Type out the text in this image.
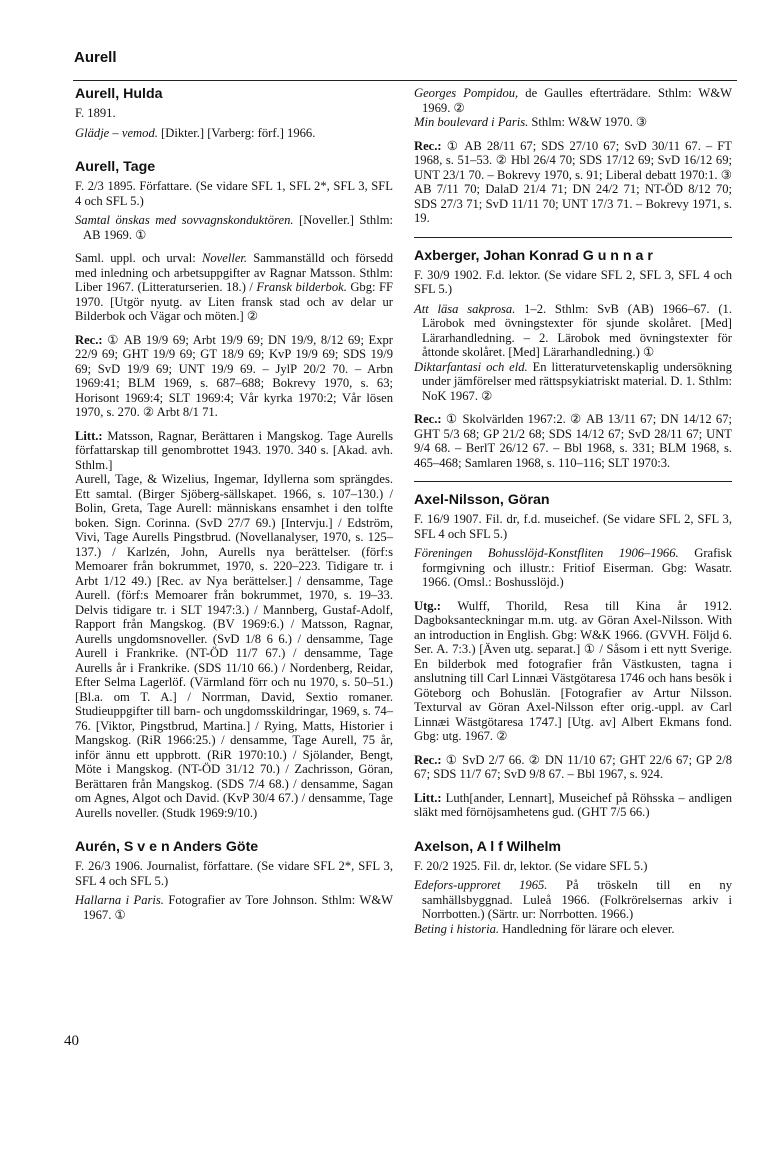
Aurell
Aurell, Hulda

F. 1891.

Glädje – vemod. [Dikter.] [Varberg: förf.] 1966.

Aurell, Tage

F. 2/3 1895. Författare. (Se vidare SFL 1, SFL 2*, SFL 3, SFL 4 och SFL 5.)

Samtal önskas med sovvagnskonduktören. [Noveller.] Sthlm: AB 1969. ①

Saml. uppl. och urval: Noveller. Sammanställd och försedd med inledning och arbetsuppgifter av Ragnar Matsson. Sthlm: Liber 1967. (Litteraturserien. 18.) / Fransk bilderbok. Gbg: FF 1970. [Utgör nyutg. av Liten fransk stad och av delar ur Bilderbok och Vägar och möten.] ②

Rec.: ① AB 19/9 69; Arbt 19/9 69; DN 19/9, 8/12 69; Expr 22/9 69; GHT 19/9 69; GT 18/9 69; KvP 19/9 69; SDS 19/9 69; SvD 19/9 69; UNT 19/9 69. – JylP 20/2 70. – Arbn 1969:41; BLM 1969, s. 687–688; Bokrevy 1970, s. 63; Horisont 1969:4; SLT 1969:4; Vår kyrka 1970:2; Vår lösen 1970, s. 270. ② Arbt 8/1 71.

Litt.: Matsson, Ragnar, Berättaren i Mangskog. Tage Aurells författarskap till genombrottet 1943. 1970. 340 s. [Akad. avh. Sthlm.]

Aurell, Tage, & Wizelius, Ingemar, Idyllerna som sprängdes. Ett samtal. (Birger Sjöberg-sällskapet. 1966, s. 107–130.) / Bolin, Greta, Tage Aurell: människans ensamhet i den tolfte boken. Sign. Corinna. (SvD 27/7 69.) [Intervju.] / Edström, Vivi, Tage Aurells Pingstbrud. (Novellanalyser, 1970, s. 125–137.) / Karlzén, John, Aurells nya berättelser. (förf:s Memoarer från bokrummet, 1970, s. 220–223. Tidigare tr. i Arbt 1/12 49.) [Rec. av Nya berättelser.] / densamme, Tage Aurell. (förf:s Memoarer från bokrummet, 1970, s. 19–33. Delvis tidigare tr. i SLT 1947:3.) / Mannberg, Gustaf-Adolf, Rapport från Mangskog. (BV 1969:6.) / Matsson, Ragnar, Aurells ungdomsnoveller. (SvD 1/8 6 6.) / densamme, Tage Aurell i Frankrike. (NT-ÖD 11/7 67.) / densamme, Tage Aurells år i Frankrike. (SDS 11/10 66.) / Nordenberg, Reidar, Efter Selma Lagerlöf. (Värmland förr och nu 1970, s. 50–51.) [Bl.a. om T. A.] / Norrman, David, Sextio romaner. Studieuppgifter till barn- och ungdomsskildringar, 1969, s. 74–76. [Viktor, Pingstbrud, Martina.] / Rying, Matts, Historier i Mangskog. (RiR 1966:25.) / densamme, Tage Aurell, 75 år, inför ännu ett uppbrott. (RiR 1970:10.) / Sjölander, Bengt, Möte i Mangskog. (NT-ÖD 31/12 70.) / Zachrisson, Göran, Berättaren från Mangskog. (SDS 7/4 68.) / densamme, Sagan om Agnes, Algot och David. (KvP 30/4 67.) / densamme, Tage Aurells noveller. (Studk 1969:9/10.)

Aurén, S v e n Anders Göte

F. 26/3 1906. Journalist, författare. (Se vidare SFL 2*, SFL 3, SFL 4 och SFL 5.)

Hallarna i Paris. Fotografier av Tore Johnson. Sthlm: W&W 1967. ①

Georges Pompidou, de Gaulles efterträdare. Sthlm: W&W 1969. ②

Min boulevard i Paris. Sthlm: W&W 1970. ③

Rec.: ① AB 28/11 67; SDS 27/10 67; SvD 30/11 67. – FT 1968, s. 51–53. ② Hbl 26/4 70; SDS 17/12 69; SvD 16/12 69; UNT 23/1 70. – Bokrevy 1970, s. 91; Liberal debatt 1970:1. ③ AB 7/11 70; DalaD 21/4 71; DN 24/2 71; NT-ÖD 8/12 70; SDS 27/3 71; SvD 11/11 70; UNT 17/3 71. – Bokrevy 1971, s. 19.

Axberger, Johan Konrad G u n n a r

F. 30/9 1902. F.d. lektor. (Se vidare SFL 2, SFL 3, SFL 4 och SFL 5.)

Att läsa sakprosa. 1–2. Sthlm: SvB (AB) 1966–67. (1. Lärobok med övningstexter för sjunde skolåret. [Med] Lärarhandledning. – 2. Lärobok med övningstexter för åttonde skolåret. [Med] Lärarhandledning.) ①

Diktarfantasi och eld. En litteraturvetenskaplig undersökning under jämförelser med rättspsykiatriskt material. D. 1. Sthlm: NoK 1967. ②

Rec.: ① Skolvärlden 1967:2. ② AB 13/11 67; DN 14/12 67; GHT 5/3 68; GP 21/2 68; SDS 14/12 67; SvD 28/11 67; UNT 9/4 68. – BerlT 26/12 67. – Bbl 1968, s. 331; BLM 1968, s. 465–468; Samlaren 1968, s. 110–116; SLT 1970:3.

Axel-Nilsson, Göran

F. 16/9 1907. Fil. dr, f.d. museichef. (Se vidare SFL 2, SFL 3, SFL 4 och SFL 5.)

Föreningen Bohusslöjd-Konstfliten 1906–1966. Grafisk formgivning och illustr.: Fritiof Eiserman. Gbg: Wasatr. 1966. (Omsl.: Boshusslöjd.)

Utg.: Wulff, Thorild, Resa till Kina år 1912. Dagboksanteckningar m.m. utg. av Göran Axel-Nilsson. With an introduction in English. Gbg: W&K 1966. (GVVH. Följd 6. Ser. A. 7:3.) [Även utg. separat.] ① / Såsom i ett nytt Sverige. En bilderbok med fotografier från Västkusten, tagna i anslutning till Carl Linnæi Västgötaresa 1746 och hans besök i Göteborg och Bohuslän. [Fotografier av Artur Nilsson. Texturval av Göran Axel-Nilsson efter orig.-uppl. av Carl Linnæi Wästgötaresa 1747.] [Utg. av] Albert Ekmans fond. Gbg: utg. 1967. ②

Rec.: ① SvD 2/7 66. ② DN 11/10 67; GHT 22/6 67; GP 2/8 67; SDS 11/7 67; SvD 9/8 67. – Bbl 1967, s. 924.

Litt.: Luth[ander, Lennart], Museichef på Röhsska – andligen släkt med förnöjsamhetens gud. (GHT 7/5 66.)

Axelson, A l f Wilhelm

F. 20/2 1925. Fil. dr, lektor. (Se vidare SFL 5.)

Edefors-upproret 1965. På tröskeln till en ny samhällsbyggnad. Luleå 1966. (Folkrörelsernas arkiv i Norrbotten.) (Särtr. ur: Norrbotten. 1966.)

Beting i historia. Handledning för lärare och elever.

40
